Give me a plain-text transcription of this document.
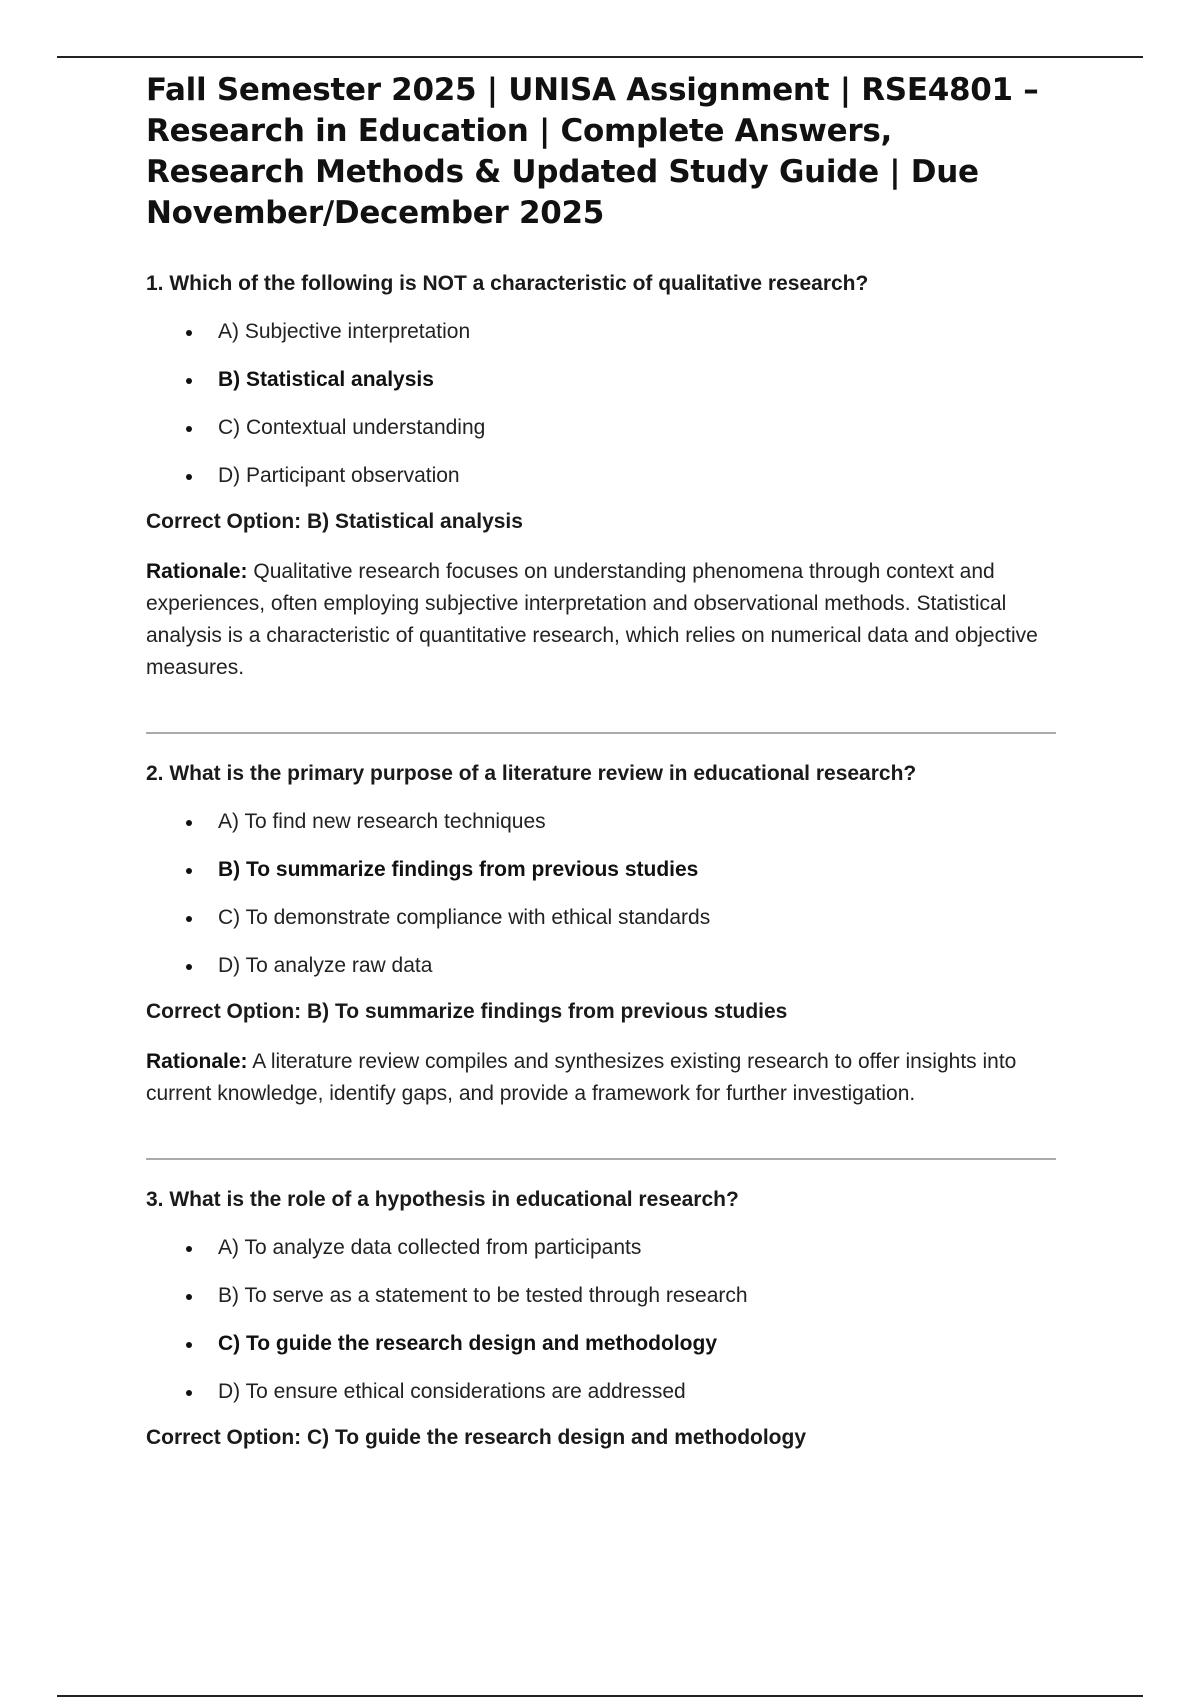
Fall Semester 2025 | UNISA Assignment | RSE4801 – Research in Education | Complete Answers, Research Methods & Updated Study Guide | Due November/December 2025

1. Which of the following is NOT a characteristic of qualitative research?

A) Subjective interpretation
B) Statistical analysis
C) Contextual understanding
D) Participant observation

Correct Option: B) Statistical analysis

Rationale: Qualitative research focuses on understanding phenomena through context and experiences, often employing subjective interpretation and observational methods. Statistical analysis is a characteristic of quantitative research, which relies on numerical data and objective measures.

2. What is the primary purpose of a literature review in educational research?

A) To find new research techniques
B) To summarize findings from previous studies
C) To demonstrate compliance with ethical standards
D) To analyze raw data

Correct Option: B) To summarize findings from previous studies

Rationale: A literature review compiles and synthesizes existing research to offer insights into current knowledge, identify gaps, and provide a framework for further investigation.

3. What is the role of a hypothesis in educational research?

A) To analyze data collected from participants
B) To serve as a statement to be tested through research
C) To guide the research design and methodology
D) To ensure ethical considerations are addressed

Correct Option: C) To guide the research design and methodology
